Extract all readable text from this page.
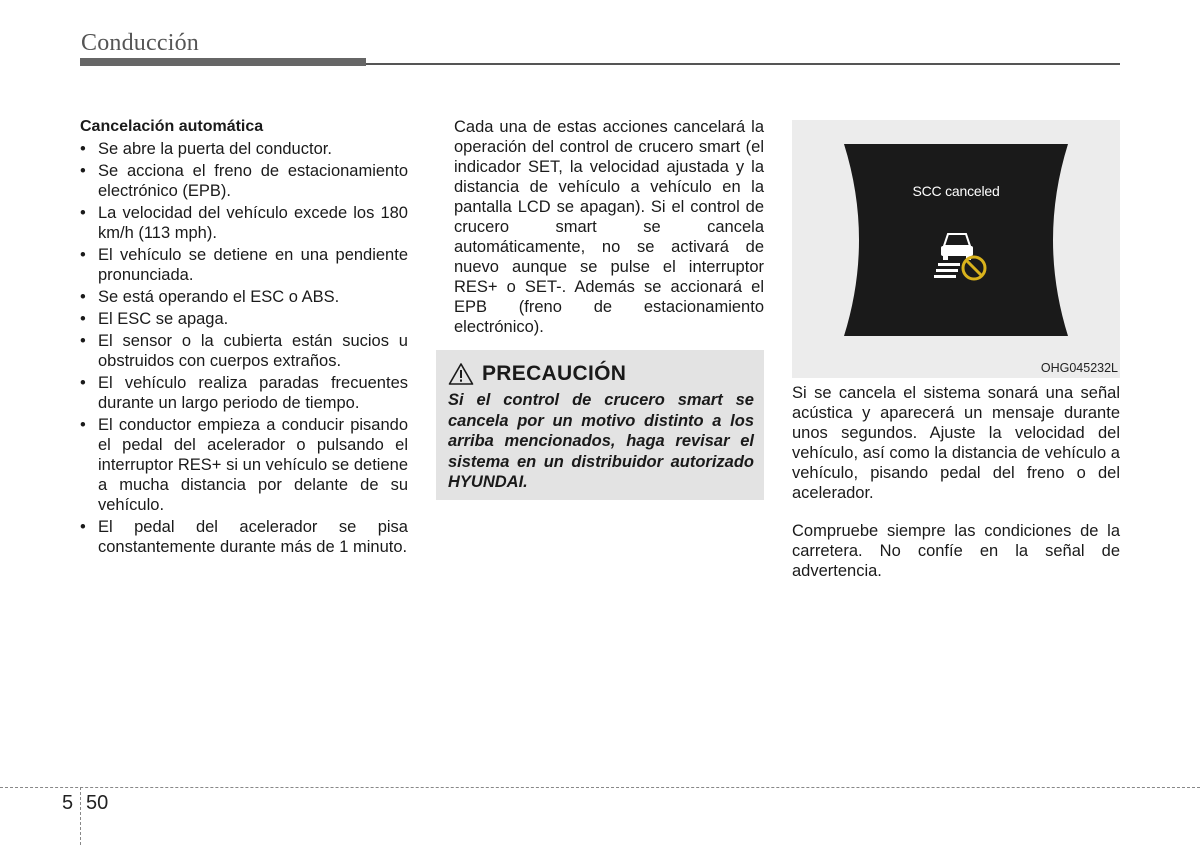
Conducción
Cancelación automática
• Se abre la puerta del conductor.
• Se acciona el freno de estacionamiento electrónico (EPB).
• La velocidad del vehículo excede los 180 km/h (113 mph).
• El vehículo se detiene en una pendiente pronunciada.
• Se está operando el ESC o ABS.
• El ESC se apaga.
• El sensor o la cubierta están sucios u obstruidos con cuerpos extraños.
• El vehículo realiza paradas frecuentes durante un largo periodo de tiempo.
• El conductor empieza a conducir pisando el pedal del acelerador o pulsando el interruptor RES+ si un vehículo se detiene a mucha distancia por delante de su vehículo.
• El pedal del acelerador se pisa constantemente durante más de 1 minuto.

Cada una de estas acciones cancelará la operación del control de crucero smart (el indicador SET, la velocidad ajustada y la distancia de vehículo a vehículo en la pantalla LCD se apagan). Si el control de crucero smart se cancela automáticamente, no se activará de nuevo aunque se pulse el interruptor RES+ o SET-. Además se accionará el EPB (freno de estacionamiento electrónico).

PRECAUCIÓN
Si el control de crucero smart se cancela por un motivo distinto a los arriba mencionados, haga revisar el sistema en un distribuidor autorizado HYUNDAI.
SCC canceled
OHG045232L

Si se cancela el sistema sonará una señal acústica y aparecerá un mensaje durante unos segundos. Ajuste la velocidad del vehículo, así como la distancia de vehículo a vehículo, pisando pedal del freno o del acelerador.

Compruebe siempre las condiciones de la carretera. No confíe en la señal de advertencia.

5 50
